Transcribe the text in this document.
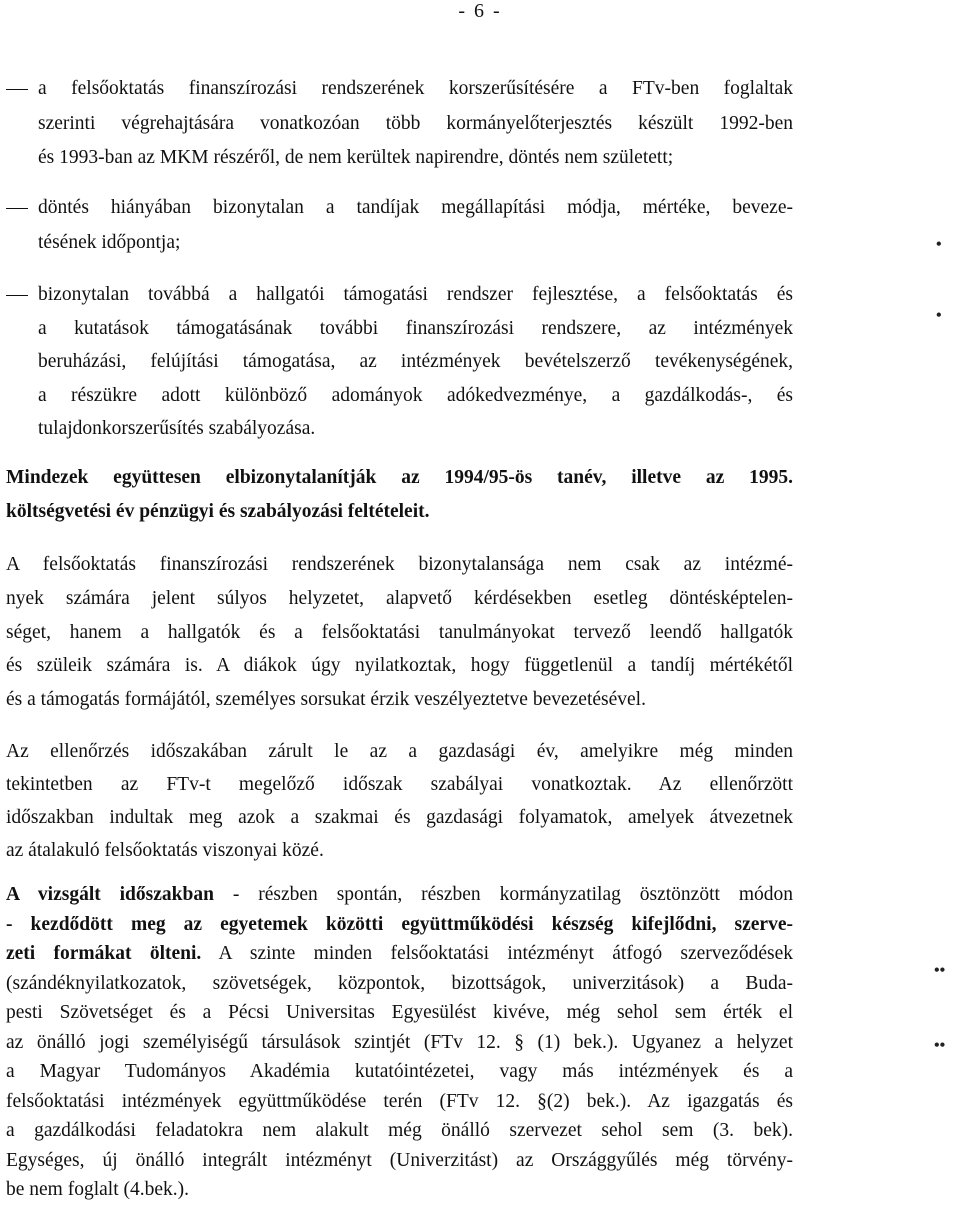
- 6 -
a felsőoktatás finanszírozási rendszerének korszerűsítésére a FTv-ben foglaltak
szerinti végrehajtására vonatkozóan több kormányelőterjesztés készült 1992-ben
és 1993-ban az MKM részéről, de nem kerültek napirendre, döntés nem született;
döntés hiányában bizonytalan a tandíjak megállapítási módja, mértéke, beveze-
tésének időpontja;
bizonytalan továbbá a hallgatói támogatási rendszer fejlesztése, a felsőoktatás és
a kutatások támogatásának további finanszírozási rendszere, az intézmények
beruházási, felújítási támogatása, az intézmények bevételszerző tevékenységének,
a részükre adott különböző adományok adókedvezménye, a gazdálkodás-, és
tulajdonkorszerűsítés szabályozása.
Mindezek együttesen elbizonytalanítják az 1994/95-ös tanév, illetve az 1995.
költségvetési év pénzügyi és szabályozási feltételeit.
A felsőoktatás finanszírozási rendszerének bizonytalansága nem csak az intézmé-
nyek számára jelent súlyos helyzetet, alapvető kérdésekben esetleg döntésképtelen-
séget, hanem a hallgatók és a felsőoktatási tanulmányokat tervező leendő hallgatók
és szüleik számára is. A diákok úgy nyilatkoztak, hogy függetlenül a tandíj mértékétől
és a támogatás formájától, személyes sorsukat érzik veszélyeztetve bevezetésével.
Az ellenőrzés időszakában zárult le az a gazdasági év, amelyikre még minden
tekintetben az FTv-t megelőző időszak szabályai vonatkoztak. Az ellenőrzött
időszakban indultak meg azok a szakmai és gazdasági folyamatok, amelyek átvezetnek
az átalakuló felsőoktatás viszonyai közé.
A vizsgált időszakban - részben spontán, részben kormányzatilag ösztönzött módon
- kezdődött meg az egyetemek közötti együttműködési készség kifejlődni, szerve-
zeti formákat ölteni. A szinte minden felsőoktatási intézményt átfogó szerveződések
(szándéknyilatkozatok, szövetségek, központok, bizottságok, univerzitások) a Buda-
pesti Szövetséget és a Pécsi Universitas Egyesülést kivéve, még sehol sem érték el
az önálló jogi személyiségű társulások szintjét (FTv 12. § (1) bek.). Ugyanez a helyzet
a Magyar Tudományos Akadémia kutatóintézetei, vagy más intézmények és a
felsőoktatási intézmények együttműködése terén (FTv 12. §(2) bek.). Az igazgatás és
a gazdálkodási feladatokra nem alakult még önálló szervezet sehol sem (3. bek).
Egységes, új önálló integrált intézményt (Univerzitást) az Országgyűlés még törvény-
be nem foglalt (4.bek.).
•
•
••
••
